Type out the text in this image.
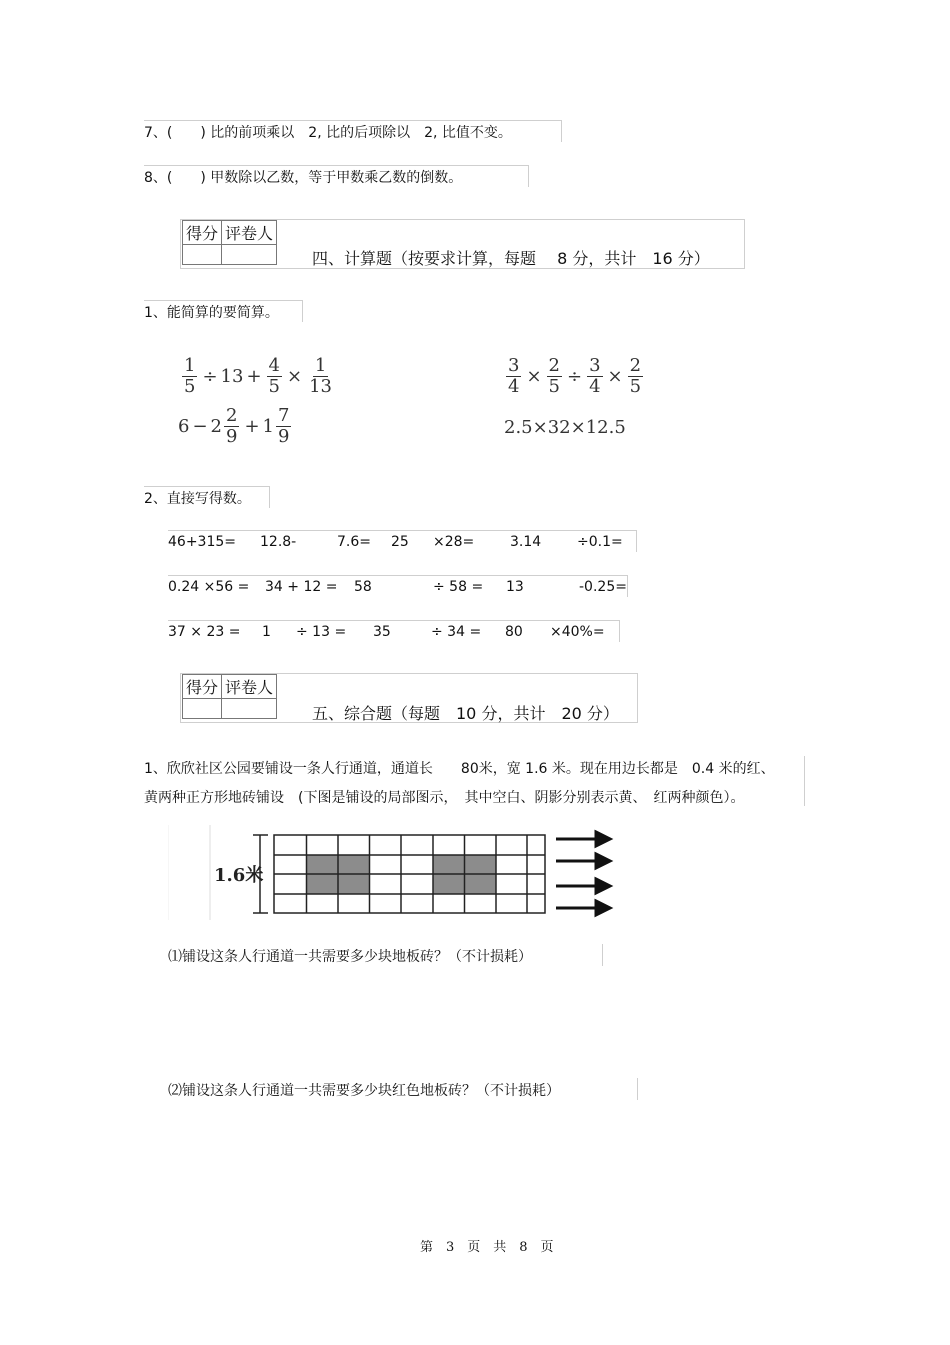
7、(　　) 比的前项乘以　2, 比的后项除以　2, 比值不变。
8、(　　) 甲数除以乙数，等于甲数乘乙数的倒数。
得分	评卷人

四、计算题（按要求计算，每题　 8 分，共计　16 分）
1、能简算的要简算。
$\frac{1}{5} \div 13 + \frac{4}{5} \times \frac{1}{13}$	$\frac{3}{4} \times \frac{2}{5} \div \frac{3}{4} \times \frac{2}{5}$
$6 - 2 \frac{2}{9} + 1 \frac{7}{9}$	2.5×32×12.5
2、直接写得数。
46+315= 12.8-	7.6= 25 ×28=	3.14	÷0.1=
0.24 ×56 = 34 + 12 = 58	÷ 58 = 13	-0.25=
37 × 23 = 1 ÷ 13 = 35	÷ 34 = 80 ×40%=
得分	评卷人

五、综合题（每题　10 分，共计　20 分）
1、欣欣社区公园要铺设一条人行通道，通道长　　80米，宽 1.6 米。现在用边长都是　0.4 米的红、
黄两种正方形地砖铺设　(下图是铺设的局部图示，　其中空白、阴影分别表示黄、　红两种颜色）。
1.6米
⑴铺设这条人行通道一共需要多少块地板砖？（不计损耗）
⑵铺设这条人行通道一共需要多少块红色地板砖？（不计损耗）
第　3　页　共　8　页
